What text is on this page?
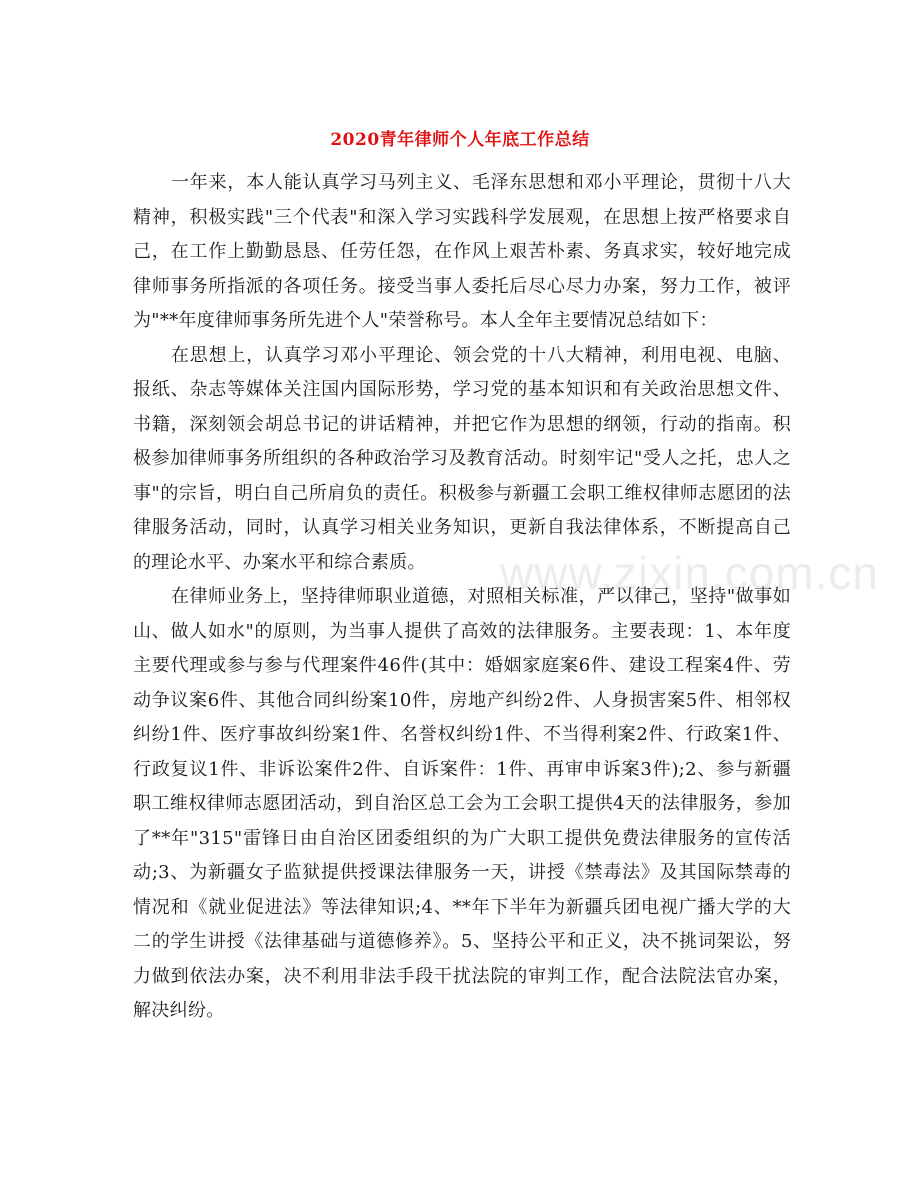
2020青年律师个人年底工作总结

一年来，本人能认真学习马列主义、毛泽东思想和邓小平理论，贯彻十八大精神，积极实践"三个代表"和深入学习实践科学发展观，在思想上按严格要求自己，在工作上勤勤恳恳、任劳任怨，在作风上艰苦朴素、务真求实，较好地完成律师事务所指派的各项任务。接受当事人委托后尽心尽力办案，努力工作，被评为"**年度律师事务所先进个人"荣誉称号。本人全年主要情况总结如下：

在思想上，认真学习邓小平理论、领会党的十八大精神，利用电视、电脑、报纸、杂志等媒体关注国内国际形势，学习党的基本知识和有关政治思想文件、书籍，深刻领会胡总书记的讲话精神，并把它作为思想的纲领，行动的指南。积极参加律师事务所组织的各种政治学习及教育活动。时刻牢记"受人之托，忠人之事"的宗旨，明白自己所肩负的责任。积极参与新疆工会职工维权律师志愿团的法律服务活动，同时，认真学习相关业务知识，更新自我法律体系，不断提高自己的理论水平、办案水平和综合素质。

在律师业务上，坚持律师职业道德，对照相关标准，严以律己，坚持"做事如山、做人如水"的原则，为当事人提供了高效的法律服务。主要表现：1、本年度主要代理或参与参与代理案件46件(其中：婚姻家庭案6件、建设工程案4件、劳动争议案6件、其他合同纠纷案10件，房地产纠纷2件、人身损害案5件、相邻权纠纷1件、医疗事故纠纷案1件、名誉权纠纷1件、不当得利案2件、行政案1件、行政复议1件、非诉讼案件2件、自诉案件：1件、再审申诉案3件);2、参与新疆职工维权律师志愿团活动，到自治区总工会为工会职工提供4天的法律服务，参加了**年"315"雷锋日由自治区团委组织的为广大职工提供免费法律服务的宣传活动;3、为新疆女子监狱提供授课法律服务一天，讲授《禁毒法》及其国际禁毒的情况和《就业促进法》等法律知识;4、**年下半年为新疆兵团电视广播大学的大二的学生讲授《法律基础与道德修养》。5、坚持公平和正义，决不挑词架讼，努力做到依法办案，决不利用非法手段干扰法院的审判工作，配合法院法官办案，解决纠纷。

www.zixin.com.cn
